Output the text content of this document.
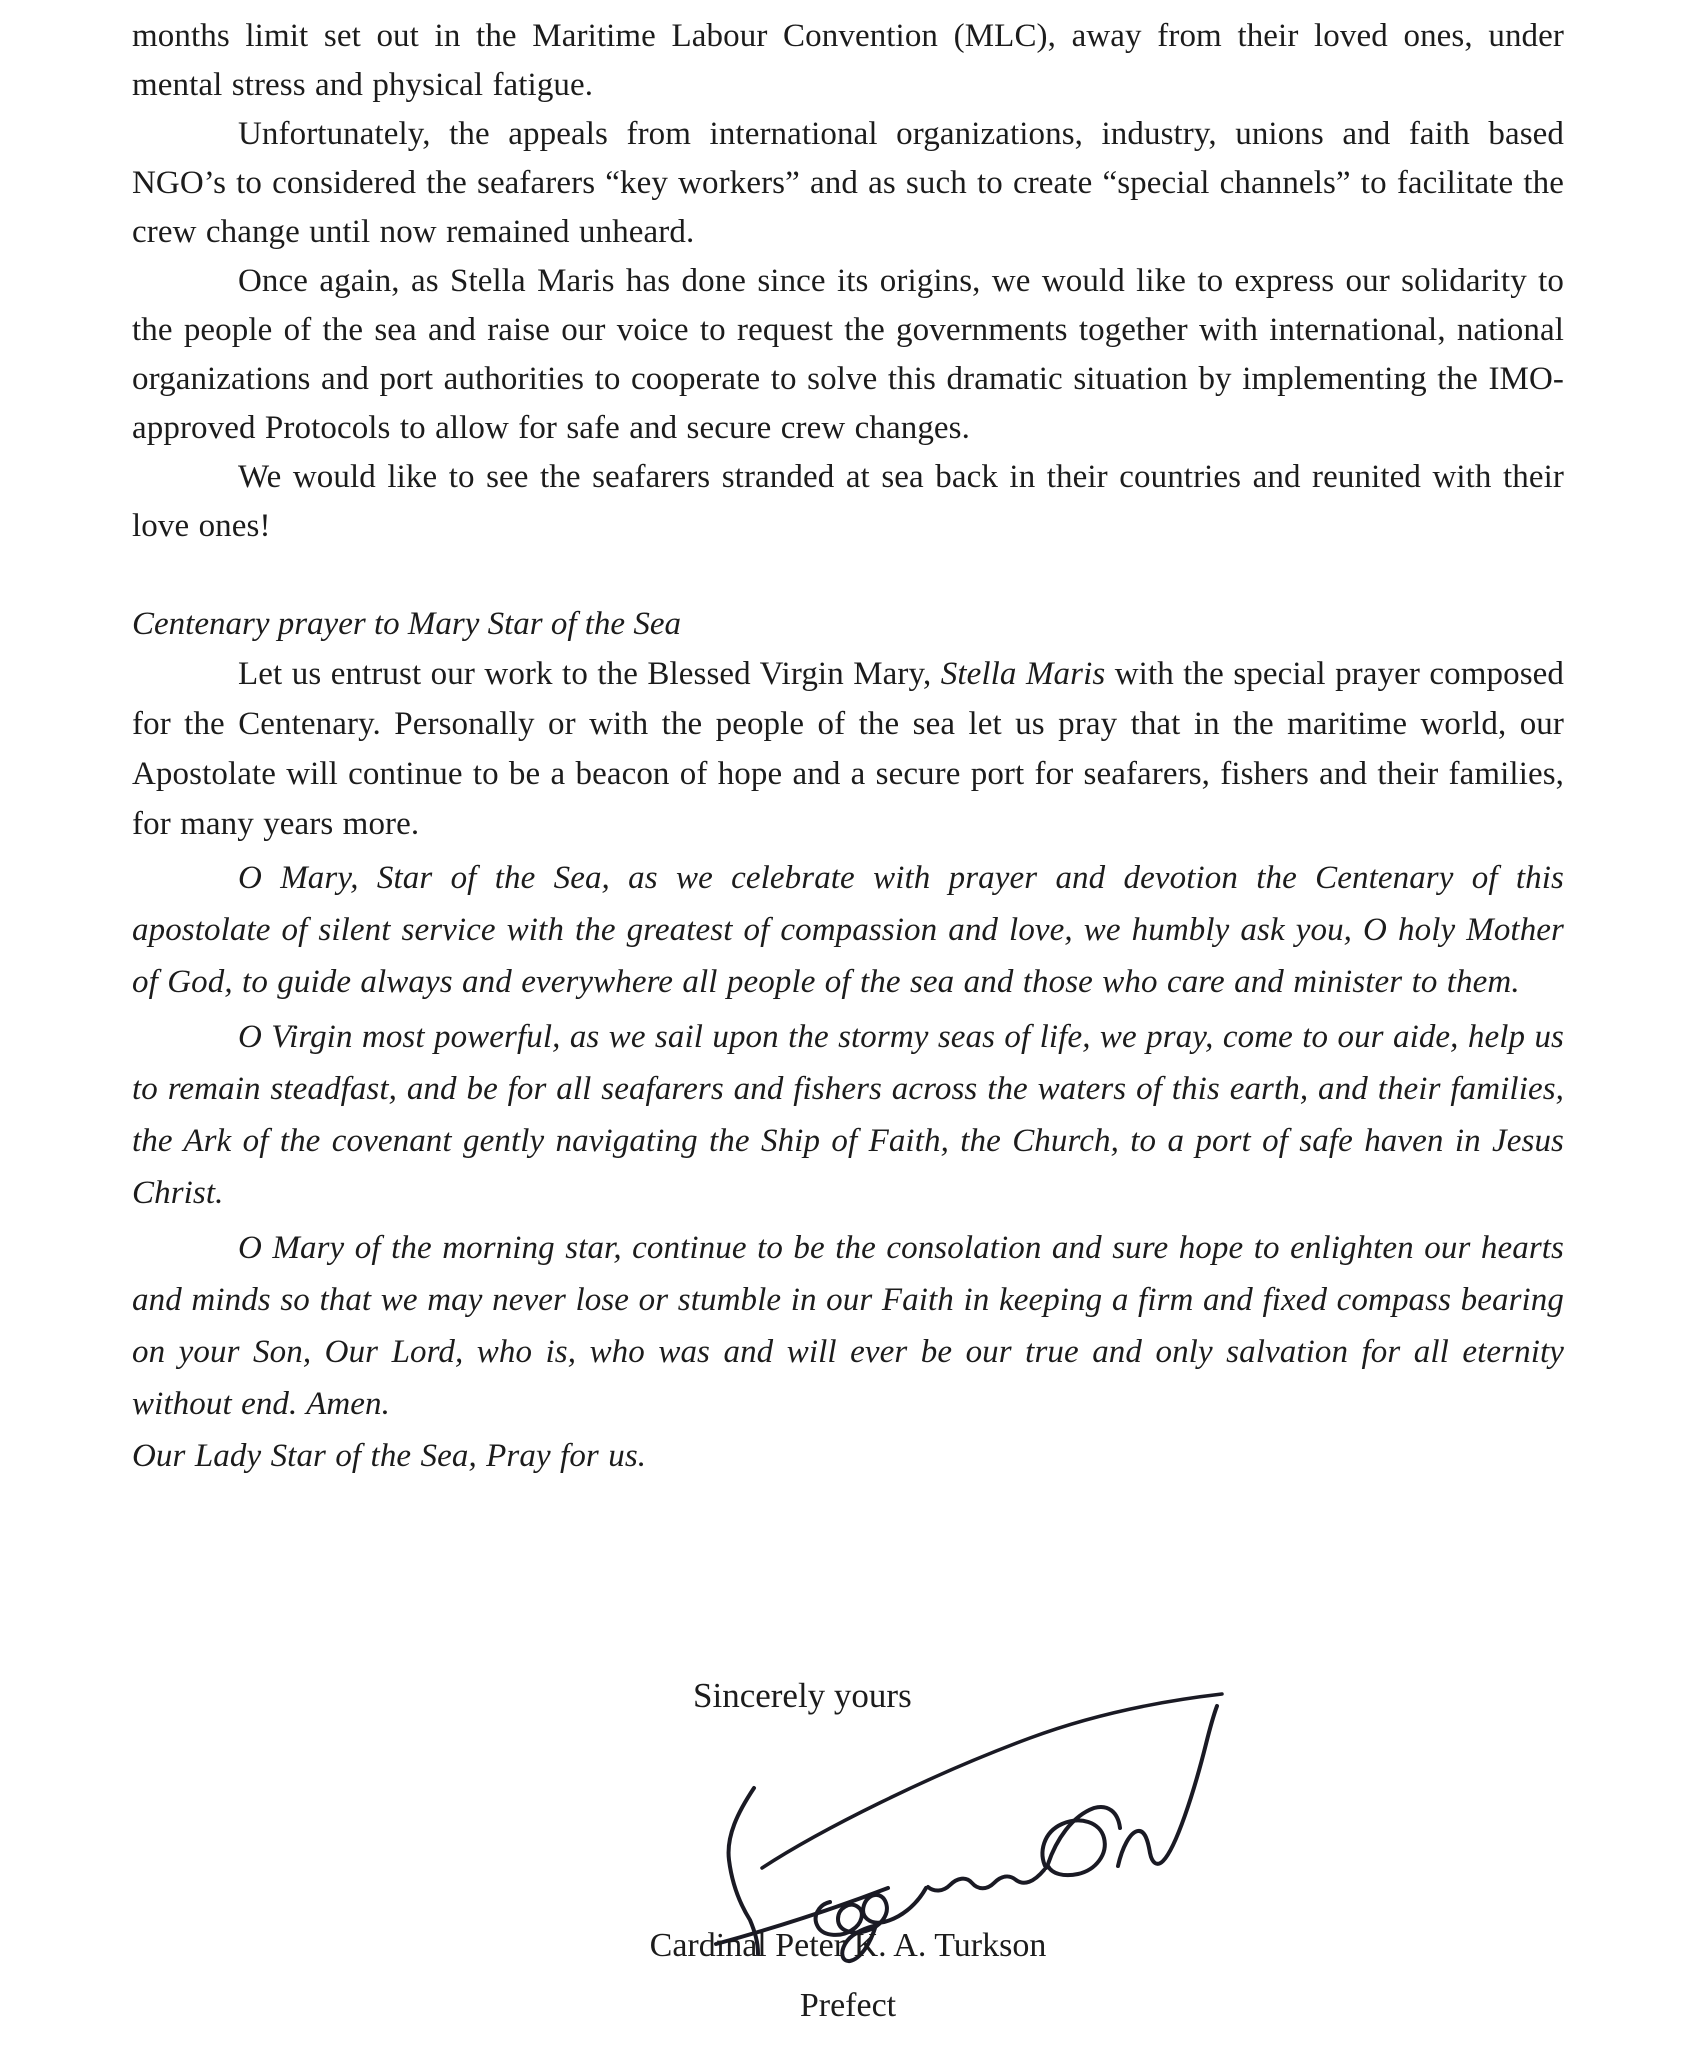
months limit set out in the Maritime Labour Convention (MLC), away from their loved ones, under mental stress and physical fatigue.

Unfortunately, the appeals from international organizations, industry, unions and faith based NGO’s to considered the seafarers “key workers” and as such to create “special channels” to facilitate the crew change until now remained unheard.

Once again, as Stella Maris has done since its origins, we would like to express our solidarity to the people of the sea and raise our voice to request the governments together with international, national organizations and port authorities to cooperate to solve this dramatic situation by implementing the IMO-approved Protocols to allow for safe and secure crew changes.

We would like to see the seafarers stranded at sea back in their countries and reunited with their love ones!

Centenary prayer to Mary Star of the Sea

Let us entrust our work to the Blessed Virgin Mary, Stella Maris with the special prayer composed for the Centenary. Personally or with the people of the sea let us pray that in the maritime world, our Apostolate will continue to be a beacon of hope and a secure port for seafarers, fishers and their families, for many years more.

O Mary, Star of the Sea, as we celebrate with prayer and devotion the Centenary of this apostolate of silent service with the greatest of compassion and love, we humbly ask you, O holy Mother of God, to guide always and everywhere all people of the sea and those who care and minister to them.

O Virgin most powerful, as we sail upon the stormy seas of life, we pray, come to our aide, help us to remain steadfast, and be for all seafarers and fishers across the waters of this earth, and their families, the Ark of the covenant gently navigating the Ship of Faith, the Church, to a port of safe haven in Jesus Christ.

O Mary of the morning star, continue to be the consolation and sure hope to enlighten our hearts and minds so that we may never lose or stumble in our Faith in keeping a firm and fixed compass bearing on your Son, Our Lord, who is, who was and will ever be our true and only salvation for all eternity without end. Amen.

Our Lady Star of the Sea, Pray for us.

Sincerely yours

Cardinal Peter K. A. Turkson

Prefect
